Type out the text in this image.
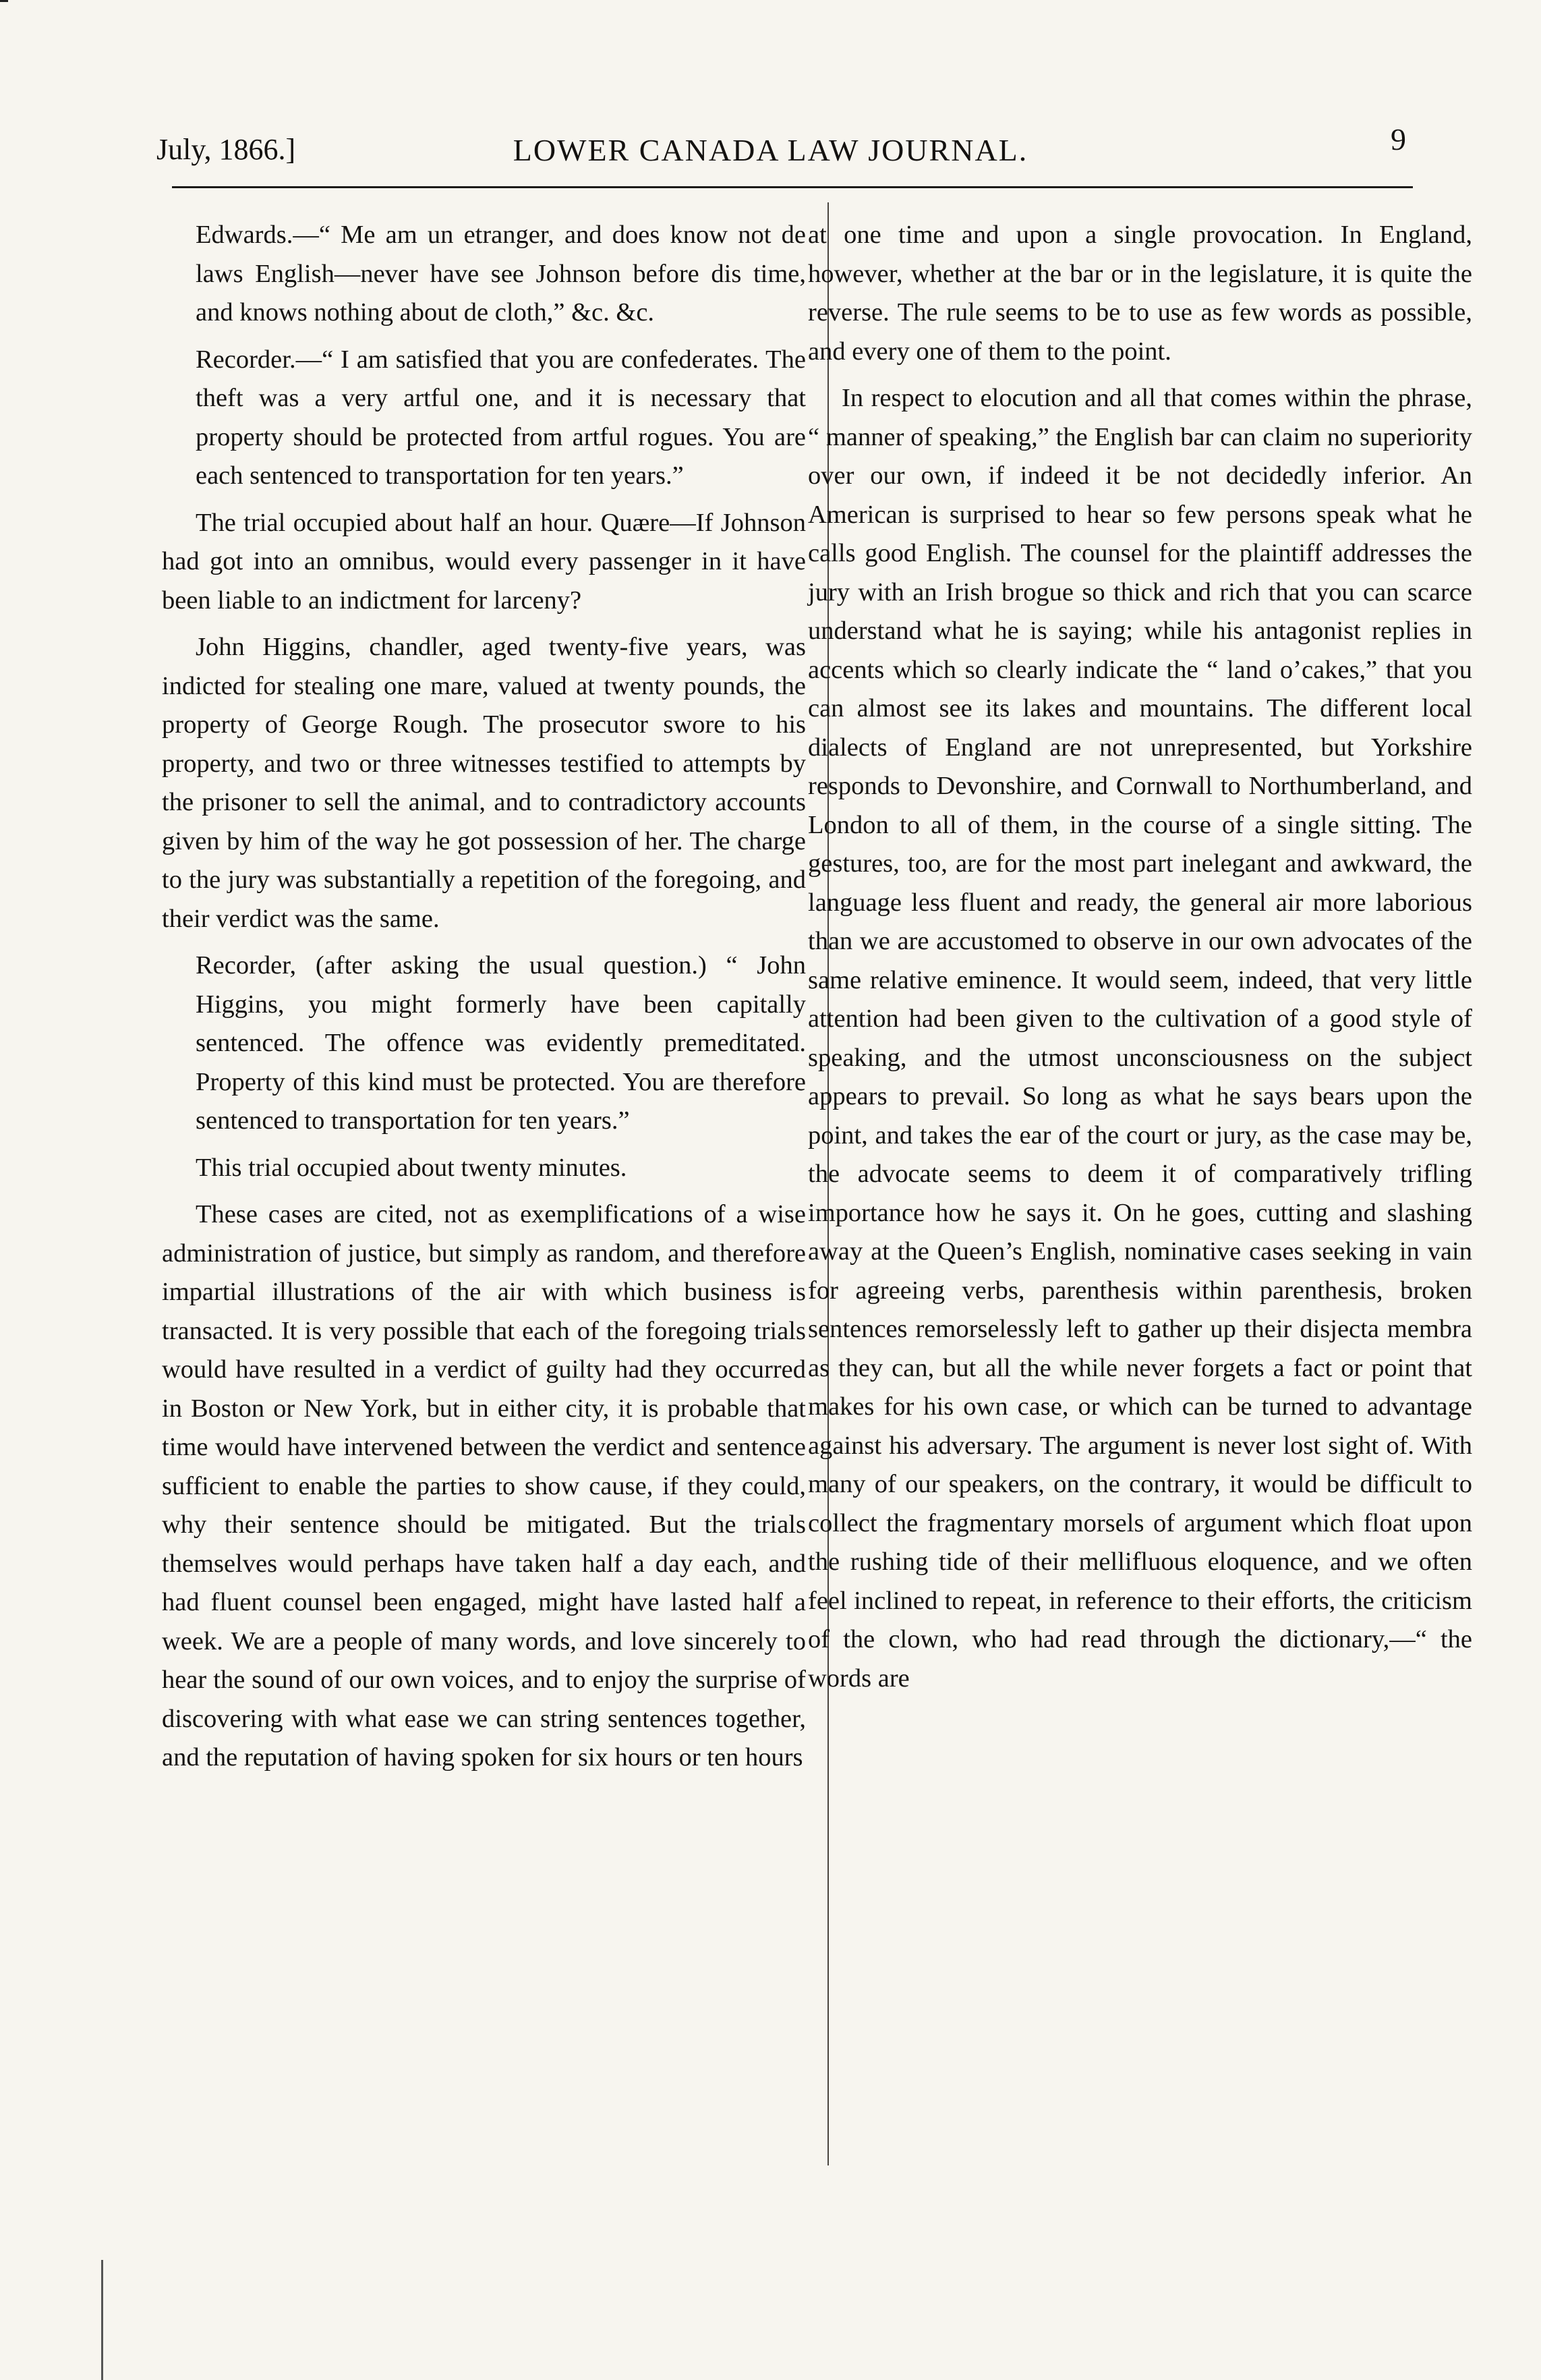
July, 1866.]	LOWER CANADA LAW JOURNAL.	9

Edwards.—“ Me am un etranger, and does know not de laws English—never have see Johnson before dis time, and knows nothing about de cloth,” &c. &c.

Recorder.—“ I am satisfied that you are confederates. The theft was a very artful one, and it is necessary that property should be protected from artful rogues. You are each sentenced to transportation for ten years.”

The trial occupied about half an hour. Quære—If Johnson had got into an omnibus, would every passenger in it have been liable to an indictment for larceny?

John Higgins, chandler, aged twenty-five years, was indicted for stealing one mare, valued at twenty pounds, the property of George Rough. The prosecutor swore to his property, and two or three witnesses testified to attempts by the prisoner to sell the animal, and to contradictory accounts given by him of the way he got possession of her. The charge to the jury was substantially a repetition of the foregoing, and their verdict was the same.

Recorder, (after asking the usual question.) “ John Higgins, you might formerly have been capitally sentenced. The offence was evidently premeditated. Property of this kind must be protected. You are therefore sentenced to transportation for ten years.”

This trial occupied about twenty minutes.

These cases are cited, not as exemplifications of a wise administration of justice, but simply as random, and therefore impartial illustrations of the air with which business is transacted. It is very possible that each of the foregoing trials would have resulted in a verdict of guilty had they occurred in Boston or New York, but in either city, it is probable that time would have intervened between the verdict and sentence sufficient to enable the parties to show cause, if they could, why their sentence should be mitigated. But the trials themselves would perhaps have taken half a day each, and had fluent counsel been engaged, might have lasted half a week. We are a people of many words, and love sincerely to hear the sound of our own voices, and to enjoy the surprise of discovering with what ease we can string sentences together, and the reputation of having spoken for six hours or ten hours

at one time and upon a single provocation. In England, however, whether at the bar or in the legislature, it is quite the reverse. The rule seems to be to use as few words as possible, and every one of them to the point.

In respect to elocution and all that comes within the phrase, “ manner of speaking,” the English bar can claim no superiority over our own, if indeed it be not decidedly inferior. An American is surprised to hear so few persons speak what he calls good English. The counsel for the plaintiff addresses the jury with an Irish brogue so thick and rich that you can scarce understand what he is saying; while his antagonist replies in accents which so clearly indicate the “ land o’cakes,” that you can almost see its lakes and mountains. The different local dialects of England are not unrepresented, but Yorkshire responds to Devonshire, and Cornwall to Northumberland, and London to all of them, in the course of a single sitting. The gestures, too, are for the most part inelegant and awkward, the language less fluent and ready, the general air more laborious than we are accustomed to observe in our own advocates of the same relative eminence. It would seem, indeed, that very little attention had been given to the cultivation of a good style of speaking, and the utmost unconsciousness on the subject appears to prevail. So long as what he says bears upon the point, and takes the ear of the court or jury, as the case may be, the advocate seems to deem it of comparatively trifling importance how he says it. On he goes, cutting and slashing away at the Queen’s English, nominative cases seeking in vain for agreeing verbs, parenthesis within parenthesis, broken sentences remorselessly left to gather up their disjecta membra as they can, but all the while never forgets a fact or point that makes for his own case, or which can be turned to advantage against his adversary. The argument is never lost sight of. With many of our speakers, on the contrary, it would be difficult to collect the fragmentary morsels of argument which float upon the rushing tide of their mellifluous eloquence, and we often feel inclined to repeat, in reference to their efforts, the criticism of the clown, who had read through the dictionary,—“ the words are
